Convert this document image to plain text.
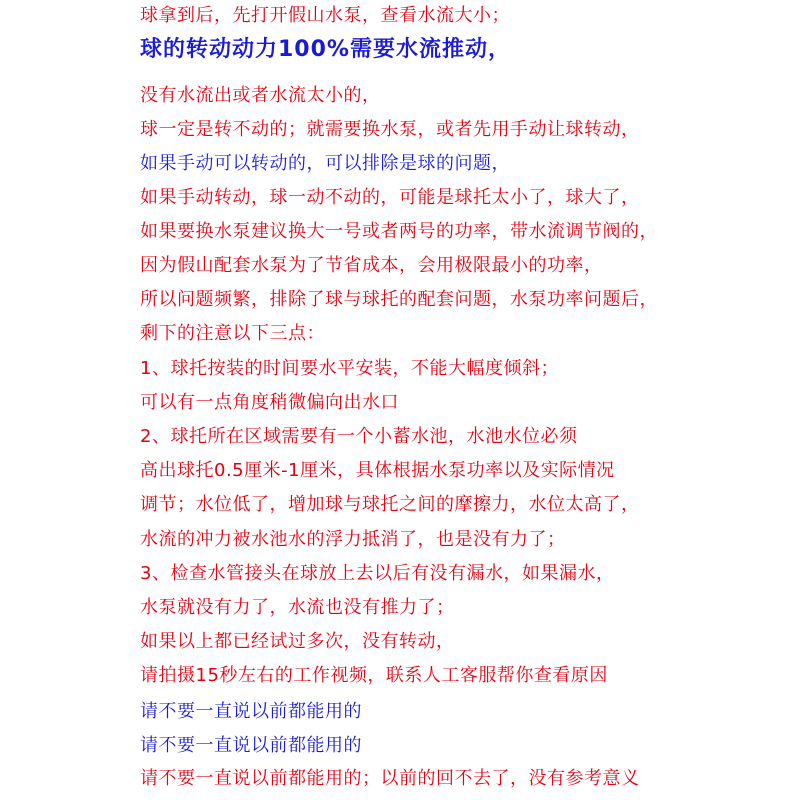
球拿到后，先打开假山水泵，查看水流大小；
球的转动动力100%需要水流推动，
没有水流出或者水流太小的，
球一定是转不动的；就需要换水泵，或者先用手动让球转动，
如果手动可以转动的，可以排除是球的问题，
如果手动转动，球一动不动的，可能是球托太小了，球大了，
如果要换水泵建议换大一号或者两号的功率，带水流调节阀的，
因为假山配套水泵为了节省成本，会用极限最小的功率，
所以问题频繁，排除了球与球托的配套问题，水泵功率问题后，
剩下的注意以下三点：
1、球托按装的时间要水平安装，不能大幅度倾斜；
可以有一点角度稍微偏向出水口
2、球托所在区域需要有一个小蓄水池，水池水位必须
高出球托0.5厘米-1厘米，具体根据水泵功率以及实际情况
调节；水位低了，增加球与球托之间的摩擦力，水位太高了，
水流的冲力被水池水的浮力抵消了，也是没有力了；
3、检查水管接头在球放上去以后有没有漏水，如果漏水，
水泵就没有力了，水流也没有推力了；
如果以上都已经试过多次，没有转动，
请拍摄15秒左右的工作视频，联系人工客服帮你查看原因
请不要一直说以前都能用的
请不要一直说以前都能用的
请不要一直说以前都能用的；以前的回不去了，没有参考意义
